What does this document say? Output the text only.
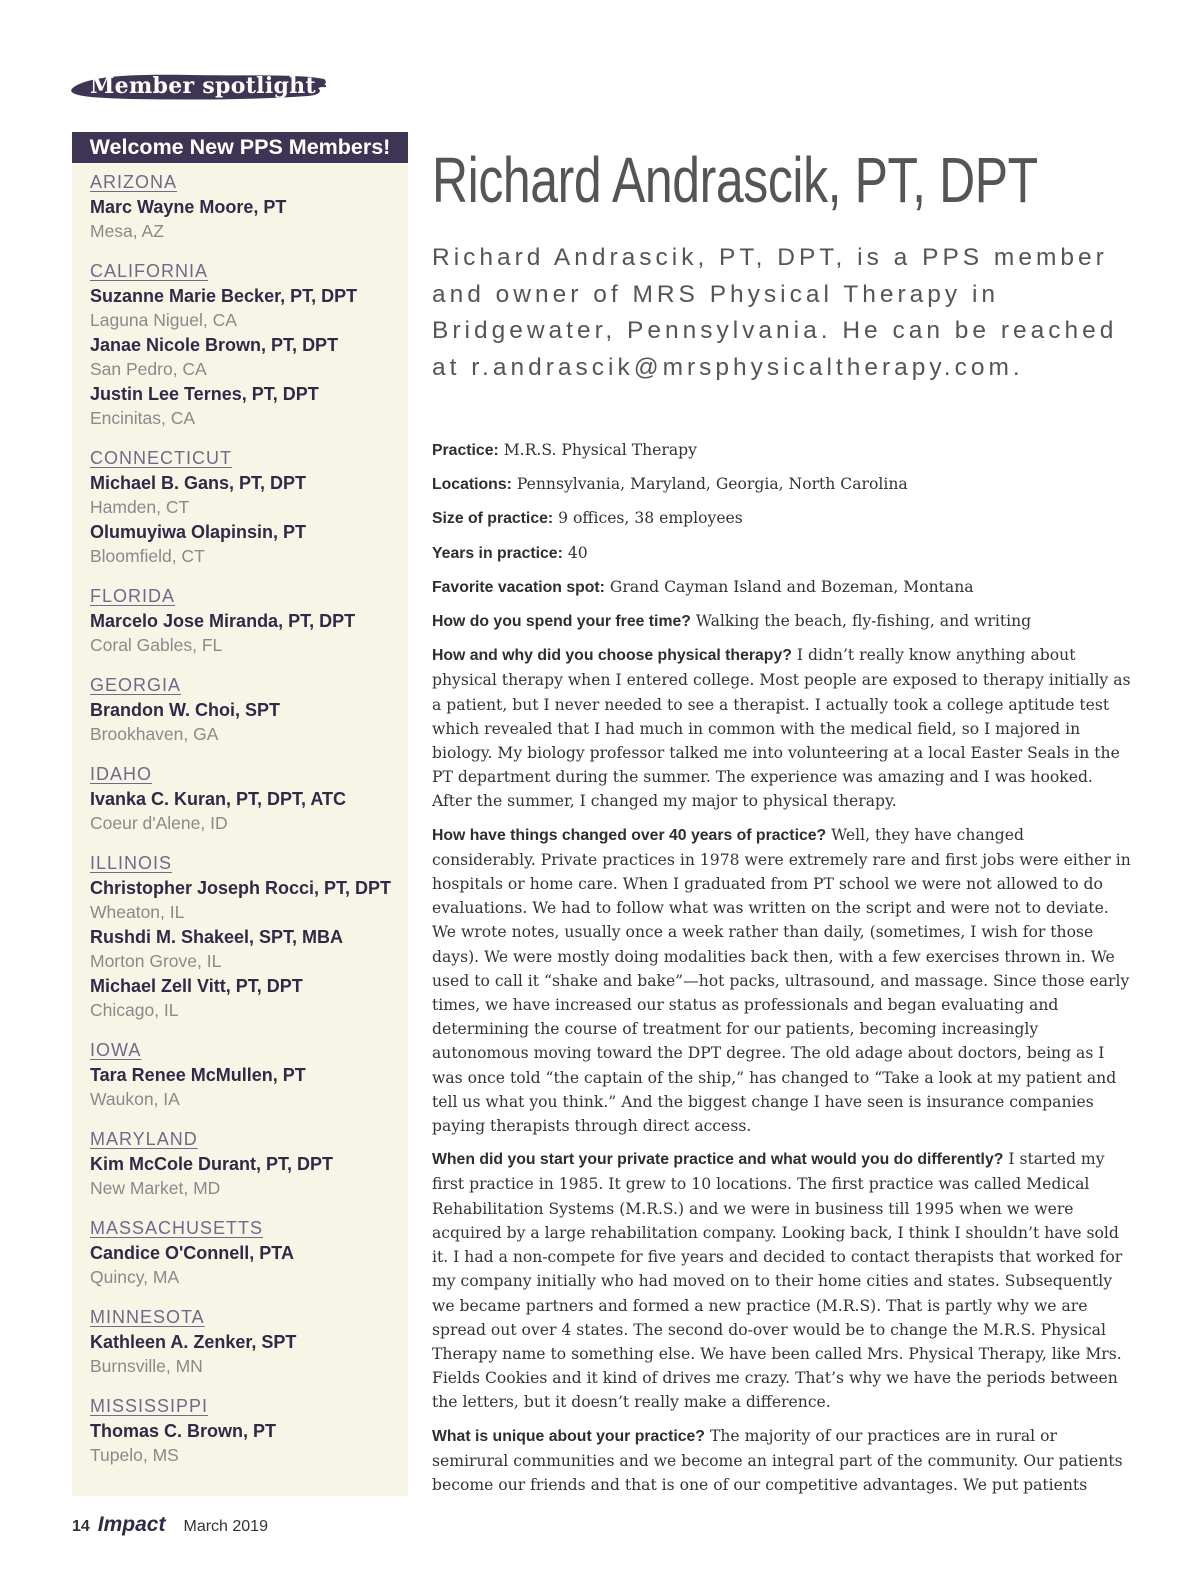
Member spotlight
Welcome New PPS Members!
ARIZONA
Marc Wayne Moore, PT
Mesa, AZ
CALIFORNIA
Suzanne Marie Becker, PT, DPT
Laguna Niguel, CA
Janae Nicole Brown, PT, DPT
San Pedro, CA
Justin Lee Ternes, PT, DPT
Encinitas, CA
CONNECTICUT
Michael B. Gans, PT, DPT
Hamden, CT
Olumuyiwa Olapinsin, PT
Bloomfield, CT
FLORIDA
Marcelo Jose Miranda, PT, DPT
Coral Gables, FL
GEORGIA
Brandon W. Choi, SPT
Brookhaven, GA
IDAHO
Ivanka C. Kuran, PT, DPT, ATC
Coeur d'Alene, ID
ILLINOIS
Christopher Joseph Rocci, PT, DPT
Wheaton, IL
Rushdi M. Shakeel, SPT, MBA
Morton Grove, IL
Michael Zell Vitt, PT, DPT
Chicago, IL
IOWA
Tara Renee McMullen, PT
Waukon, IA
MARYLAND
Kim McCole Durant, PT, DPT
New Market, MD
MASSACHUSETTS
Candice O'Connell, PTA
Quincy, MA
MINNESOTA
Kathleen A. Zenker, SPT
Burnsville, MN
MISSISSIPPI
Thomas C. Brown, PT
Tupelo, MS
Richard Andrascik, PT, DPT
Richard Andrascik, PT, DPT, is a PPS member and owner of MRS Physical Therapy in Bridgewater, Pennsylvania. He can be reached at r.andrascik@mrsphysicaltherapy.com.

Practice: M.R.S. Physical Therapy

Locations: Pennsylvania, Maryland, Georgia, North Carolina

Size of practice: 9 offices, 38 employees

Years in practice: 40

Favorite vacation spot: Grand Cayman Island and Bozeman, Montana

How do you spend your free time? Walking the beach, fly-fishing, and writing

How and why did you choose physical therapy? I didn’t really know anything about physical therapy when I entered college. Most people are exposed to therapy initially as a patient, but I never needed to see a therapist. I actually took a college aptitude test which revealed that I had much in common with the medical field, so I majored in biology. My biology professor talked me into volunteering at a local Easter Seals in the PT department during the summer. The experience was amazing and I was hooked. After the summer, I changed my major to physical therapy.

How have things changed over 40 years of practice? Well, they have changed considerably. Private practices in 1978 were extremely rare and first jobs were either in hospitals or home care. When I graduated from PT school we were not allowed to do evaluations. We had to follow what was written on the script and were not to deviate. We wrote notes, usually once a week rather than daily, (sometimes, I wish for those days). We were mostly doing modalities back then, with a few exercises thrown in. We used to call it “shake and bake”—hot packs, ultrasound, and massage. Since those early times, we have increased our status as professionals and began evaluating and determining the course of treatment for our patients, becoming increasingly autonomous moving toward the DPT degree. The old adage about doctors, being as I was once told “the captain of the ship,” has changed to “Take a look at my patient and tell us what you think.” And the biggest change I have seen is insurance companies paying therapists through direct access.

When did you start your private practice and what would you do differently? I started my first practice in 1985. It grew to 10 locations. The first practice was called Medical Rehabilitation Systems (M.R.S.) and we were in business till 1995 when we were acquired by a large rehabilitation company. Looking back, I think I shouldn’t have sold it. I had a non-compete for five years and decided to contact therapists that worked for my company initially who had moved on to their home cities and states. Subsequently we became partners and formed a new practice (M.R.S). That is partly why we are spread out over 4 states. The second do-over would be to change the M.R.S. Physical Therapy name to something else. We have been called Mrs. Physical Therapy, like Mrs. Fields Cookies and it kind of drives me crazy. That’s why we have the periods between the letters, but it doesn’t really make a difference.

What is unique about your practice? The majority of our practices are in rural or semirural communities and we become an integral part of the community. Our patients become our friends and that is one of our competitive advantages. We put patients

14 Impact March 2019
